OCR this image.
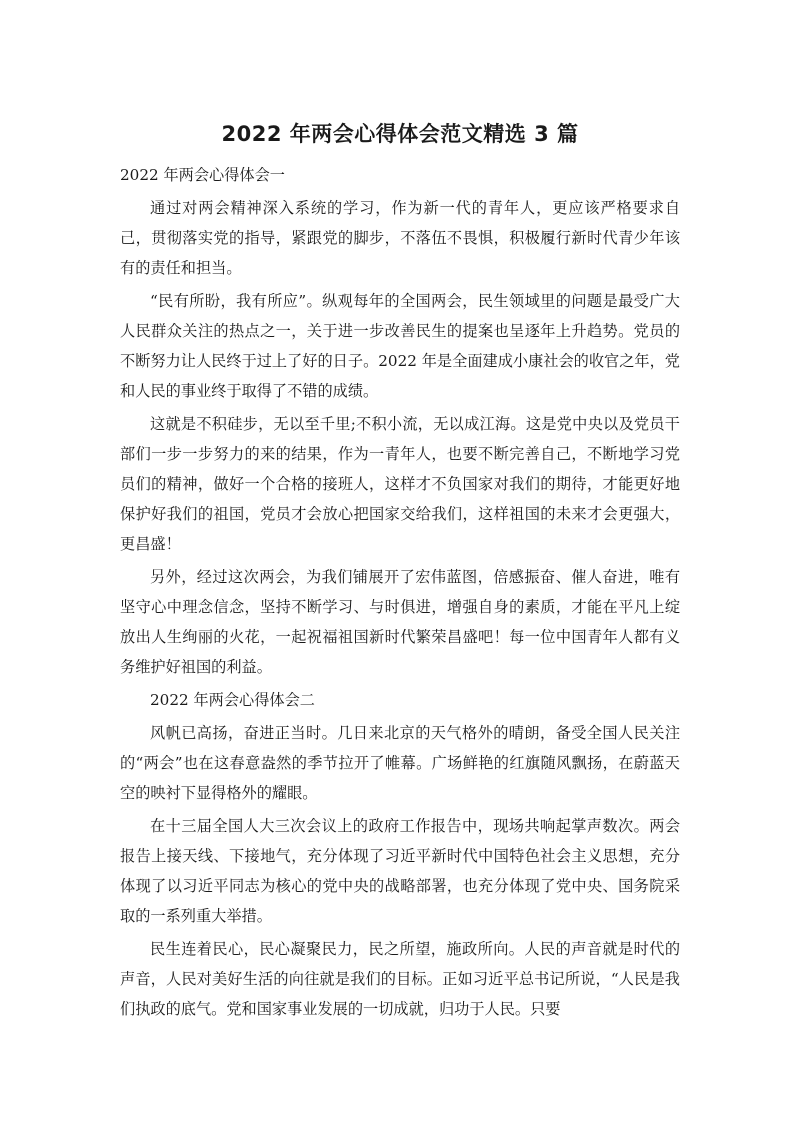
2022 年两会心得体会范文精选 3 篇

2022 年两会心得体会一

通过对两会精神深入系统的学习，作为新一代的青年人，更应该严格要求自己，贯彻落实党的指导，紧跟党的脚步，不落伍不畏惧，积极履行新时代青少年该有的责任和担当。

“民有所盼，我有所应”。纵观每年的全国两会，民生领域里的问题是最受广大人民群众关注的热点之一，关于进一步改善民生的提案也呈逐年上升趋势。党员的不断努力让人民终于过上了好的日子。2022 年是全面建成小康社会的收官之年，党和人民的事业终于取得了不错的成绩。

这就是不积硅步，无以至千里;不积小流，无以成江海。这是党中央以及党员干部们一步一步努力的来的结果，作为一青年人，也要不断完善自己，不断地学习党员们的精神，做好一个合格的接班人，这样才不负国家对我们的期待，才能更好地保护好我们的祖国，党员才会放心把国家交给我们，这样祖国的未来才会更强大，更昌盛！

另外，经过这次两会，为我们铺展开了宏伟蓝图，倍感振奋、催人奋进，唯有坚守心中理念信念，坚持不断学习、与时俱进，增强自身的素质，才能在平凡上绽放出人生绚丽的火花，一起祝福祖国新时代繁荣昌盛吧！每一位中国青年人都有义务维护好祖国的利益。

2022 年两会心得体会二

风帆已高扬，奋进正当时。几日来北京的天气格外的晴朗，备受全国人民关注的“两会”也在这春意盎然的季节拉开了帷幕。广场鲜艳的红旗随风飘扬，在蔚蓝天空的映衬下显得格外的耀眼。

在十三届全国人大三次会议上的政府工作报告中，现场共响起掌声数次。两会报告上接天线、下接地气，充分体现了习近平新时代中国特色社会主义思想，充分体现了以习近平同志为核心的党中央的战略部署，也充分体现了党中央、国务院采取的一系列重大举措。

民生连着民心，民心凝聚民力，民之所望，施政所向。人民的声音就是时代的声音，人民对美好生活的向往就是我们的目标。正如习近平总书记所说，“人民是我们执政的底气。党和国家事业发展的一切成就，归功于人民。只要
